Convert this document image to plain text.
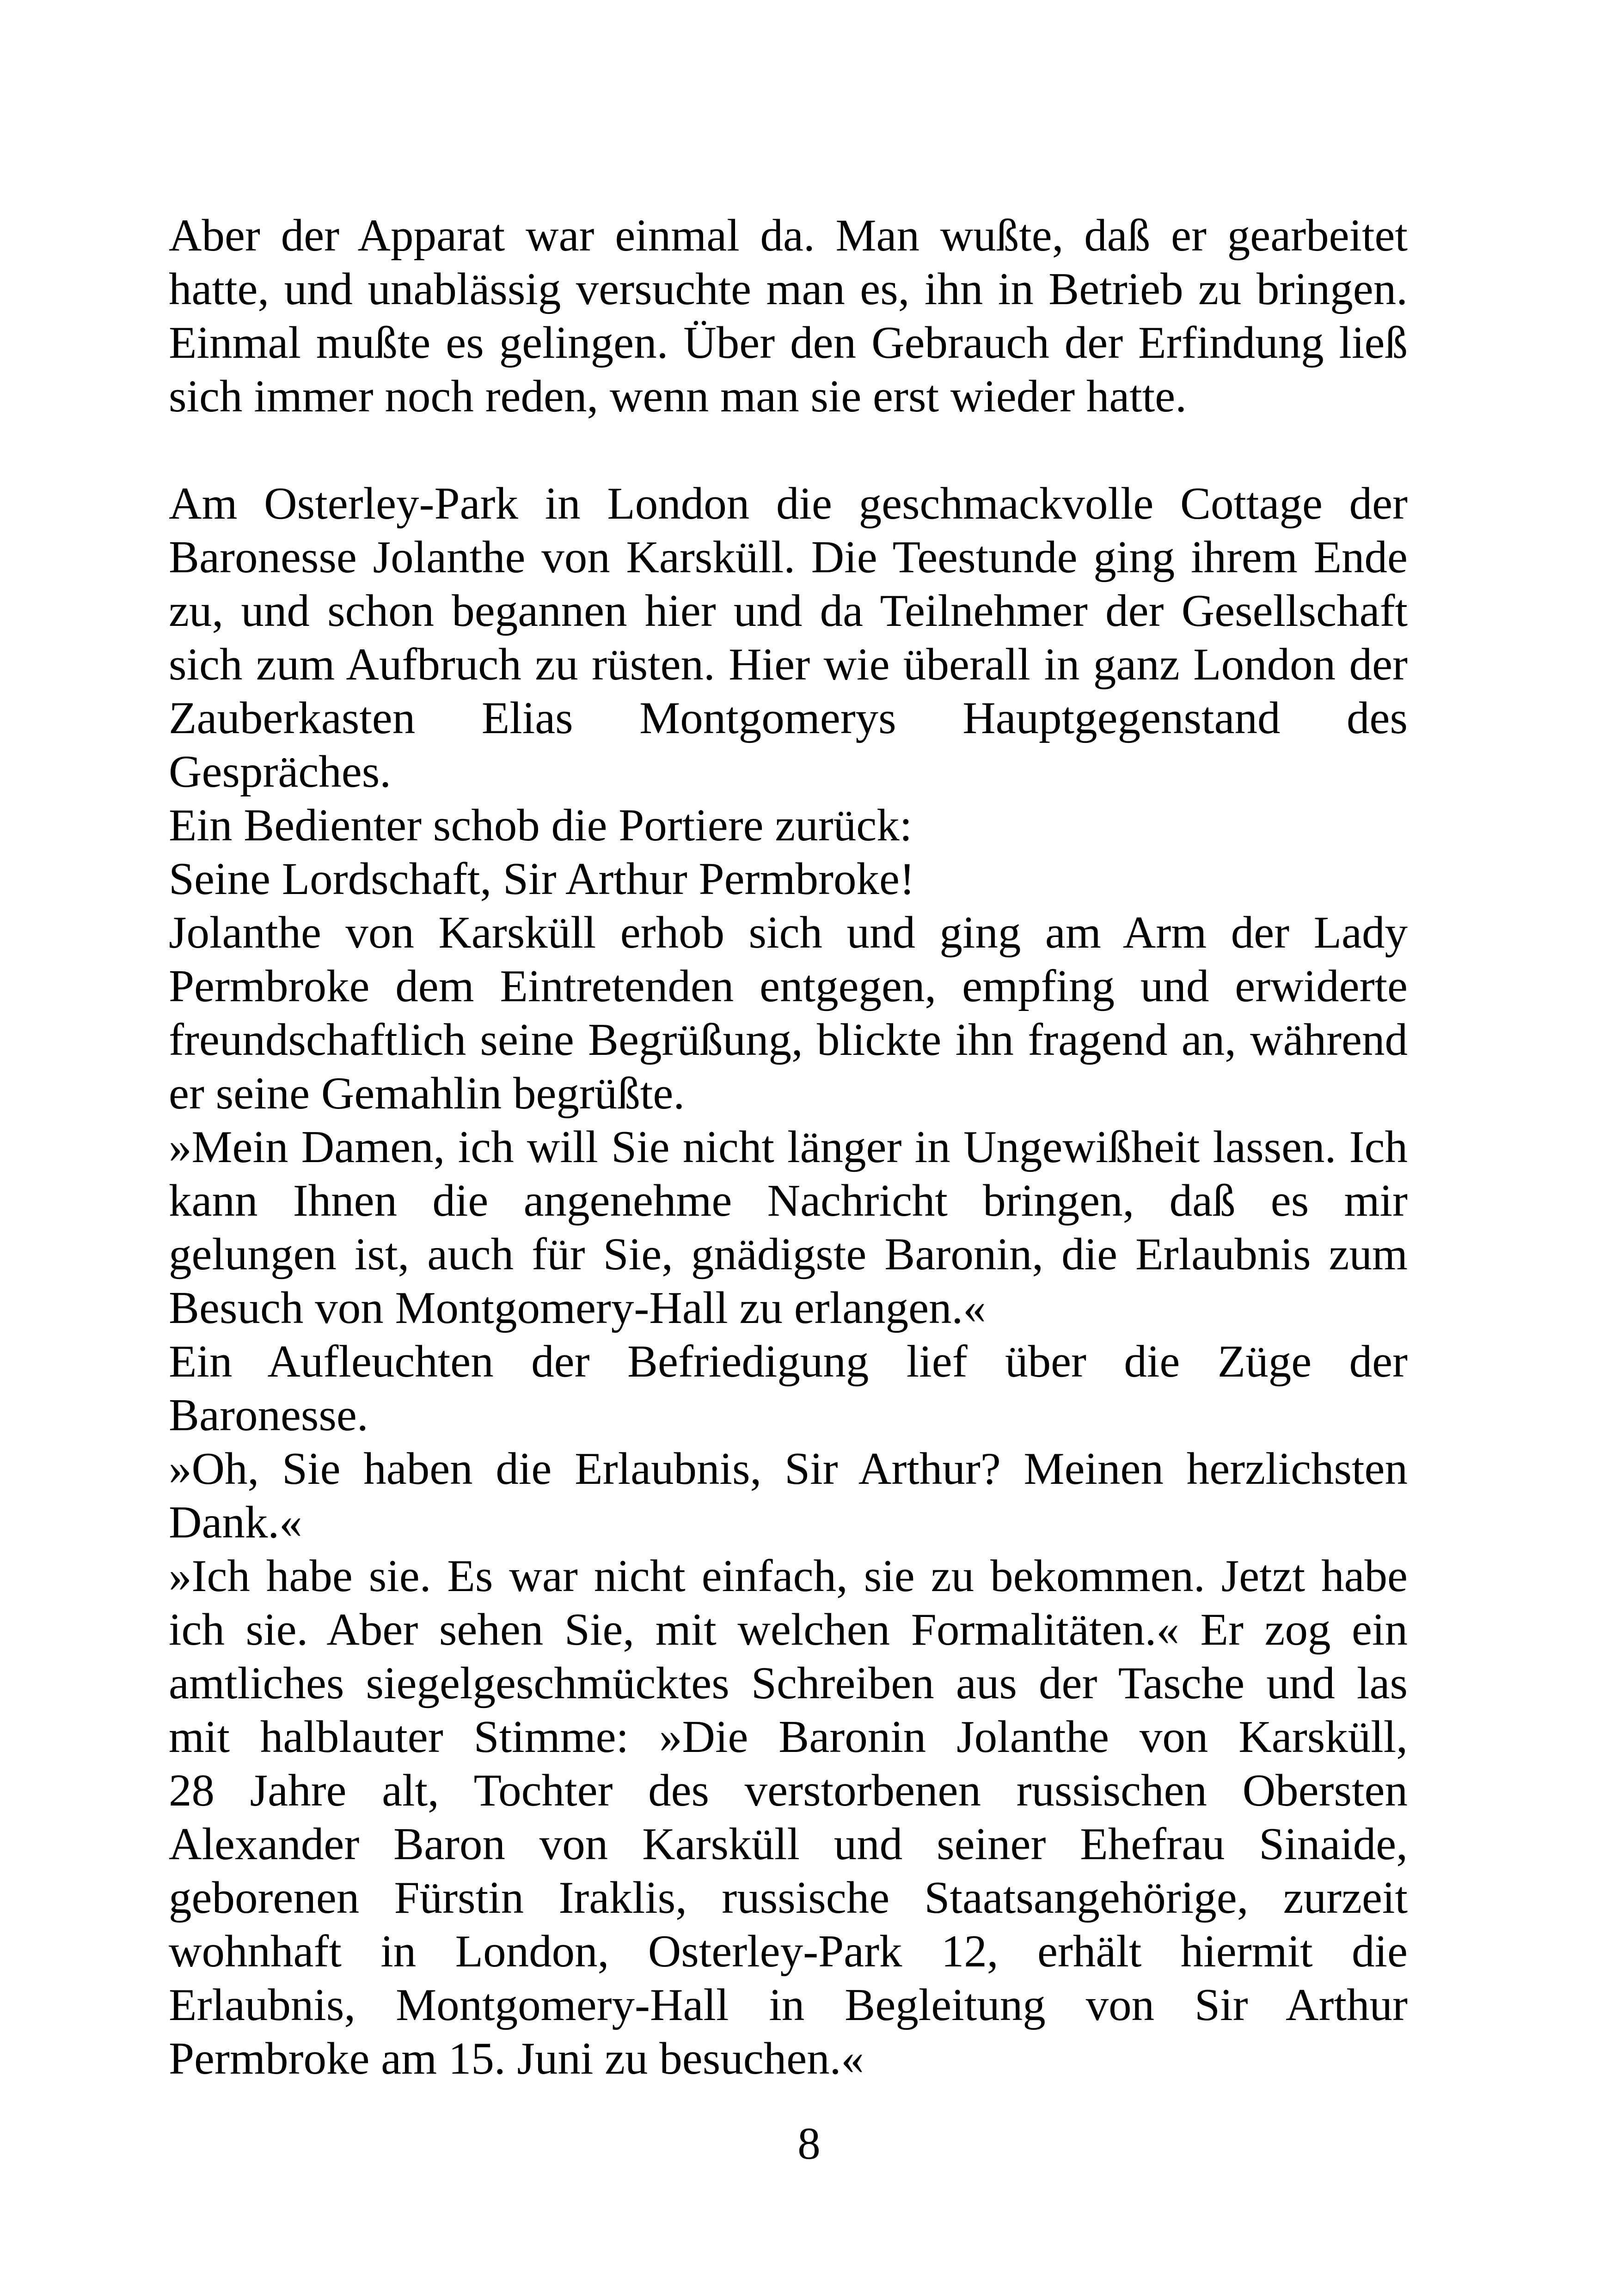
Aber der Apparat war einmal da. Man wußte, daß er gearbeitet
hatte, und unablässig versuchte man es, ihn in Betrieb zu bringen.
Einmal mußte es gelingen. Über den Gebrauch der Erfindung ließ
sich immer noch reden, wenn man sie erst wieder hatte.
Am Osterley-Park in London die geschmackvolle Cottage der
Baronesse Jolanthe von Karsküll. Die Teestunde ging ihrem Ende
zu, und schon begannen hier und da Teilnehmer der Gesellschaft
sich zum Aufbruch zu rüsten. Hier wie überall in ganz London der
Zauberkasten Elias Montgomerys Hauptgegenstand des
Gespräches.
Ein Bedienter schob die Portiere zurück:
Seine Lordschaft, Sir Arthur Permbroke!
Jolanthe von Karsküll erhob sich und ging am Arm der Lady
Permbroke dem Eintretenden entgegen, empfing und erwiderte
freundschaftlich seine Begrüßung, blickte ihn fragend an, während
er seine Gemahlin begrüßte.
»Mein Damen, ich will Sie nicht länger in Ungewißheit lassen. Ich
kann Ihnen die angenehme Nachricht bringen, daß es mir
gelungen ist, auch für Sie, gnädigste Baronin, die Erlaubnis zum
Besuch von Montgomery-Hall zu erlangen.«
Ein Aufleuchten der Befriedigung lief über die Züge der
Baronesse.
»Oh, Sie haben die Erlaubnis, Sir Arthur? Meinen herzlichsten
Dank.«
»Ich habe sie. Es war nicht einfach, sie zu bekommen. Jetzt habe
ich sie. Aber sehen Sie, mit welchen Formalitäten.« Er zog ein
amtliches siegelgeschmücktes Schreiben aus der Tasche und las
mit halblauter Stimme: »Die Baronin Jolanthe von Karsküll,
28 Jahre alt, Tochter des verstorbenen russischen Obersten
Alexander Baron von Karsküll und seiner Ehefrau Sinaide,
geborenen Fürstin Iraklis, russische Staatsangehörige, zurzeit
wohnhaft in London, Osterley-Park 12, erhält hiermit die
Erlaubnis, Montgomery-Hall in Begleitung von Sir Arthur
Permbroke am 15. Juni zu besuchen.«
8
